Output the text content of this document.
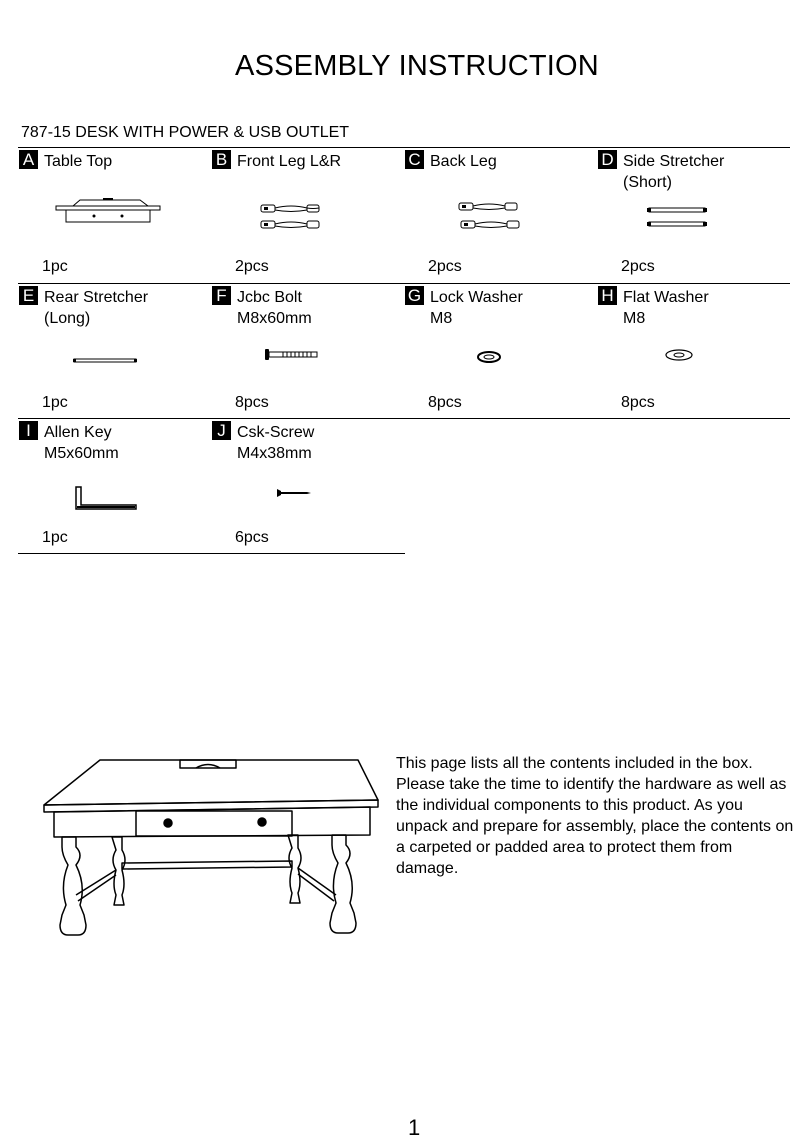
ASSEMBLY INSTRUCTION
787-15 DESK WITH POWER & USB OUTLET
A Table Top
1pc
B Front Leg L&R
2pcs
C Back Leg
2pcs
D Side Stretcher
(Short)
2pcs
E Rear Stretcher
(Long)
1pc
F Jcbc Bolt
M8x60mm
8pcs
G Lock Washer
M8
8pcs
H Flat Washer
M8
8pcs
I Allen Key
M5x60mm
1pc
J Csk-Screw
M4x38mm
6pcs
This page lists all the contents included in the box. Please take the time to identify the hardware as well as the individual components to this product. As you unpack and prepare for assembly, place the contents on a carpeted or padded area to protect them from damage.
1
